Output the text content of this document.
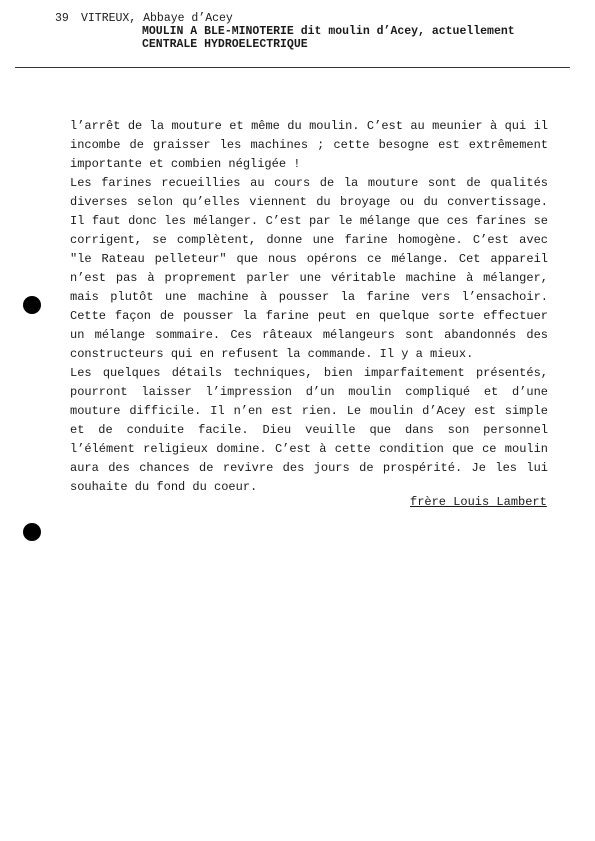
39 VITREUX, Abbaye d’Acey
MOULIN A BLE-MINOTERIE dit moulin d’Acey, actuellement
CENTRALE HYDROELECTRIQUE

l’arrêt de la mouture et même du moulin. C’est au meunier à qui il incombe de graisser les machines ; cette besogne est extrêmement importante et combien négligée !

Les farines recueillies au cours de la mouture sont de qualités diverses selon qu’elles viennent du broyage ou du convertissage. Il faut donc les mélanger. C’est par le mélange que ces farines se corrigent, se complètent, donne une farine homogène. C’est avec "le Rateau pelleteur" que nous opérons ce mélange. Cet appareil n’est pas à proprement parler une véritable machine à mélanger, mais plutôt une machine à pousser la farine vers l’ensachoir. Cette façon de pousser la farine peut en quelque sorte effectuer un mélange sommaire. Ces râteaux mélangeurs sont abandonnés des constructeurs qui en refusent la commande. Il y a mieux.

Les quelques détails techniques, bien imparfaitement présentés, pourront laisser l’impression d’un moulin compliqué et d’une mouture difficile. Il n’en est rien. Le moulin d’Acey est simple et de conduite facile. Dieu veuille que dans son personnel l’élément religieux domine. C’est à cette condition que ce moulin aura des chances de revivre des jours de prospérité. Je les lui souhaite du fond du coeur.

frère Louis Lambert
